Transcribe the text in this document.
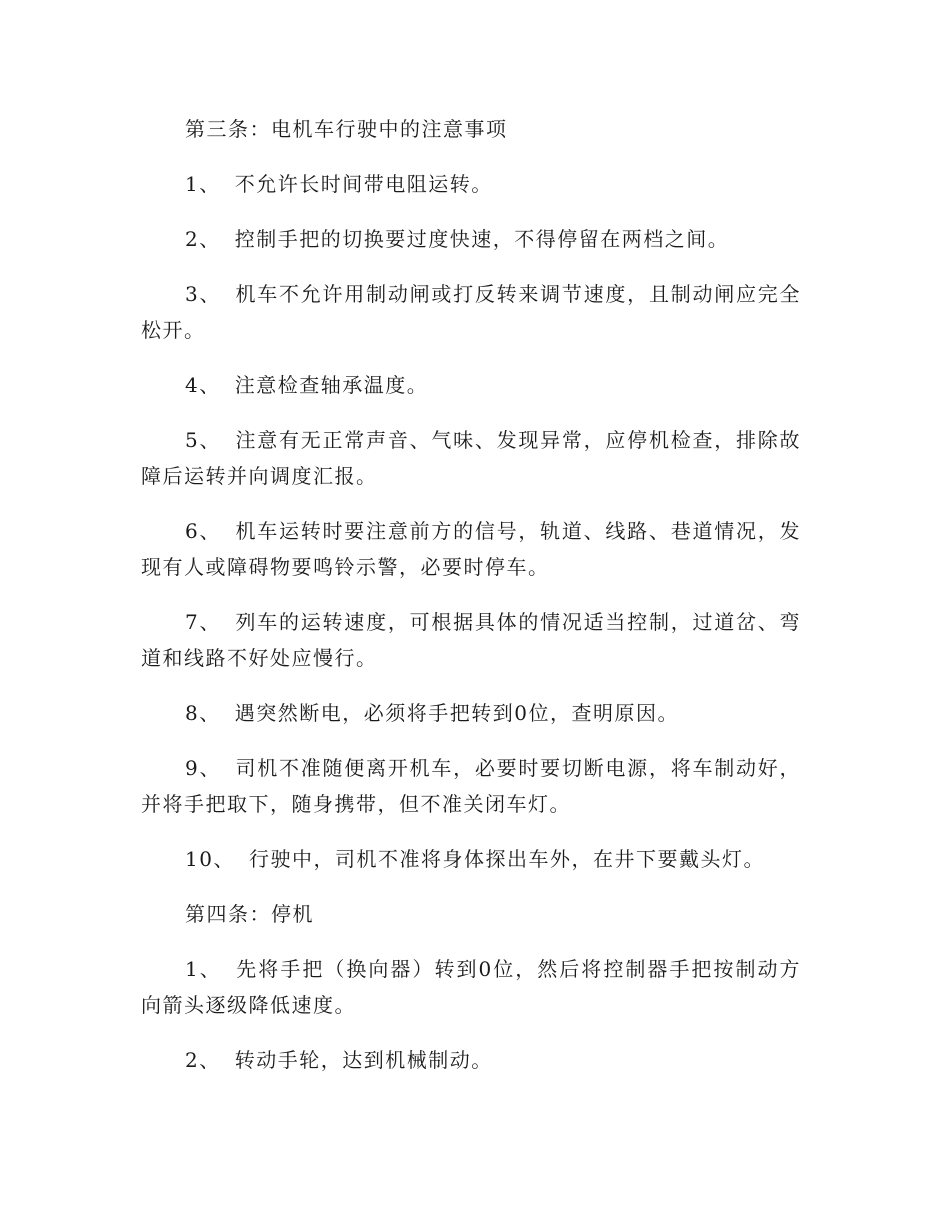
第三条：电机车行驶中的注意事项

1、 不允许长时间带电阻运转。

2、 控制手把的切换要过度快速，不得停留在两档之间。

3、 机车不允许用制动闸或打反转来调节速度，且制动闸应完全松开。

4、 注意检查轴承温度。

5、 注意有无正常声音、气味、发现异常，应停机检查，排除故障后运转并向调度汇报。

6、 机车运转时要注意前方的信号，轨道、线路、巷道情况，发现有人或障碍物要鸣铃示警，必要时停车。

7、 列车的运转速度，可根据具体的情况适当控制，过道岔、弯道和线路不好处应慢行。

8、 遇突然断电，必须将手把转到0位，查明原因。

9、 司机不准随便离开机车，必要时要切断电源，将车制动好，并将手把取下，随身携带，但不准关闭车灯。

10、 行驶中，司机不准将身体探出车外，在井下要戴头灯。

第四条：停机

1、 先将手把（换向器）转到0位，然后将控制器手把按制动方向箭头逐级降低速度。

2、 转动手轮，达到机械制动。
